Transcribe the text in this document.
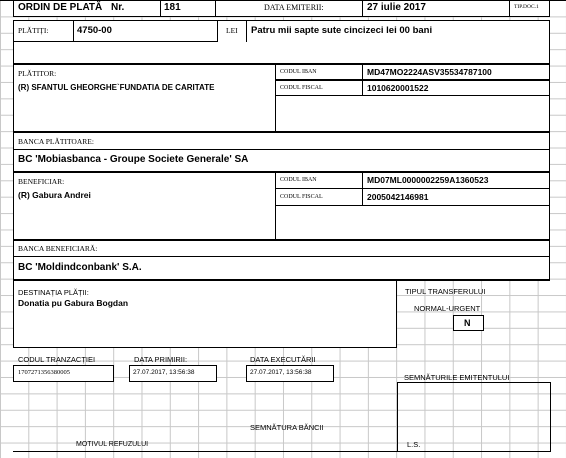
ORDIN DE PLATĂ Nr.	181	DATA EMITERII:	27 iulie 2017	TIP.DOC.1
PLĂTIȚI:	4750-00	LEI Patru mii sapte sute cincizeci lei 00 bani
PLĂTITOR:
(R) SFANTUL GHEORGHE`FUNDATIA DE CARITATE
CODUL IBAN	MD47MO2224ASV35534787100
CODUL FISCAL	1010620001522
BANCA PLĂTITOARE:
BC 'Mobiasbanca - Groupe Societe Generale' SA
BENEFICIAR:
(R) Gabura Andrei
CODUL IBAN	MD07ML0000002259A1360523
CODUL FISCAL	2005042146981
BANCA BENEFICIARĂ:
BC 'Moldindconbank' S.A.
DESTINAȚIA PLĂȚII:
Donatia pu Gabura Bogdan
TIPUL TRANSFERULUI
NORMAL-URGENT
N
CODUL TRANZACȚIEI
1707271356380005
DATA PRIMIRII:
27.07.2017, 13:56:38
DATA EXECUTĂRII
27.07.2017, 13:56:38
SEMNĂTURILE EMITENTULUI
SEMNĂTURA BĂNCII
MOTIVUL REFUZULUI	L.S.
